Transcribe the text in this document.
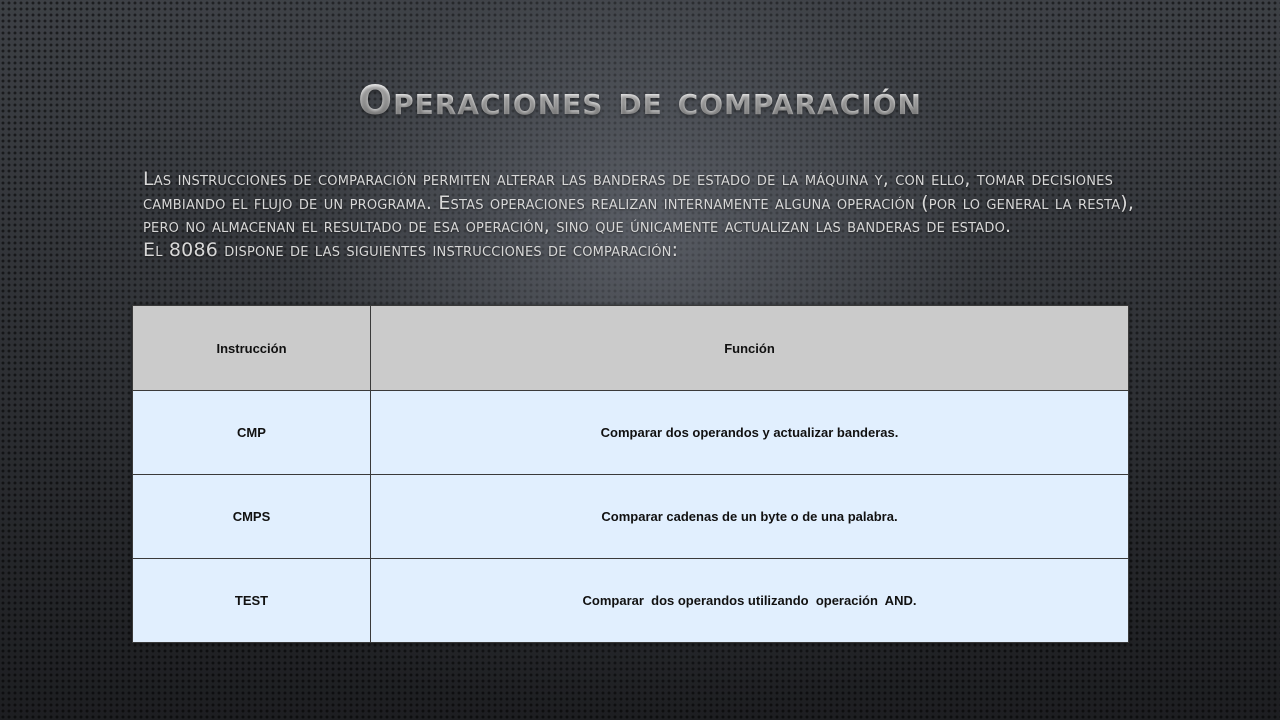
Operaciones de comparación

Las instrucciones de comparación permiten alterar las banderas de estado de la máquina y, con ello, tomar decisiones cambiando el flujo de un programa. Estas operaciones realizan internamente alguna operación (por lo general la resta), pero no almacenan el resultado de esa operación, sino que únicamente actualizan las banderas de estado.

El 8086 dispone de las siguientes instrucciones de comparación:

Instrucción	Función
CMP	Comparar dos operandos y actualizar banderas.
CMPS	Comparar cadenas de un byte o de una palabra.
TEST	Comparar  dos operandos utilizando  operación  AND.
